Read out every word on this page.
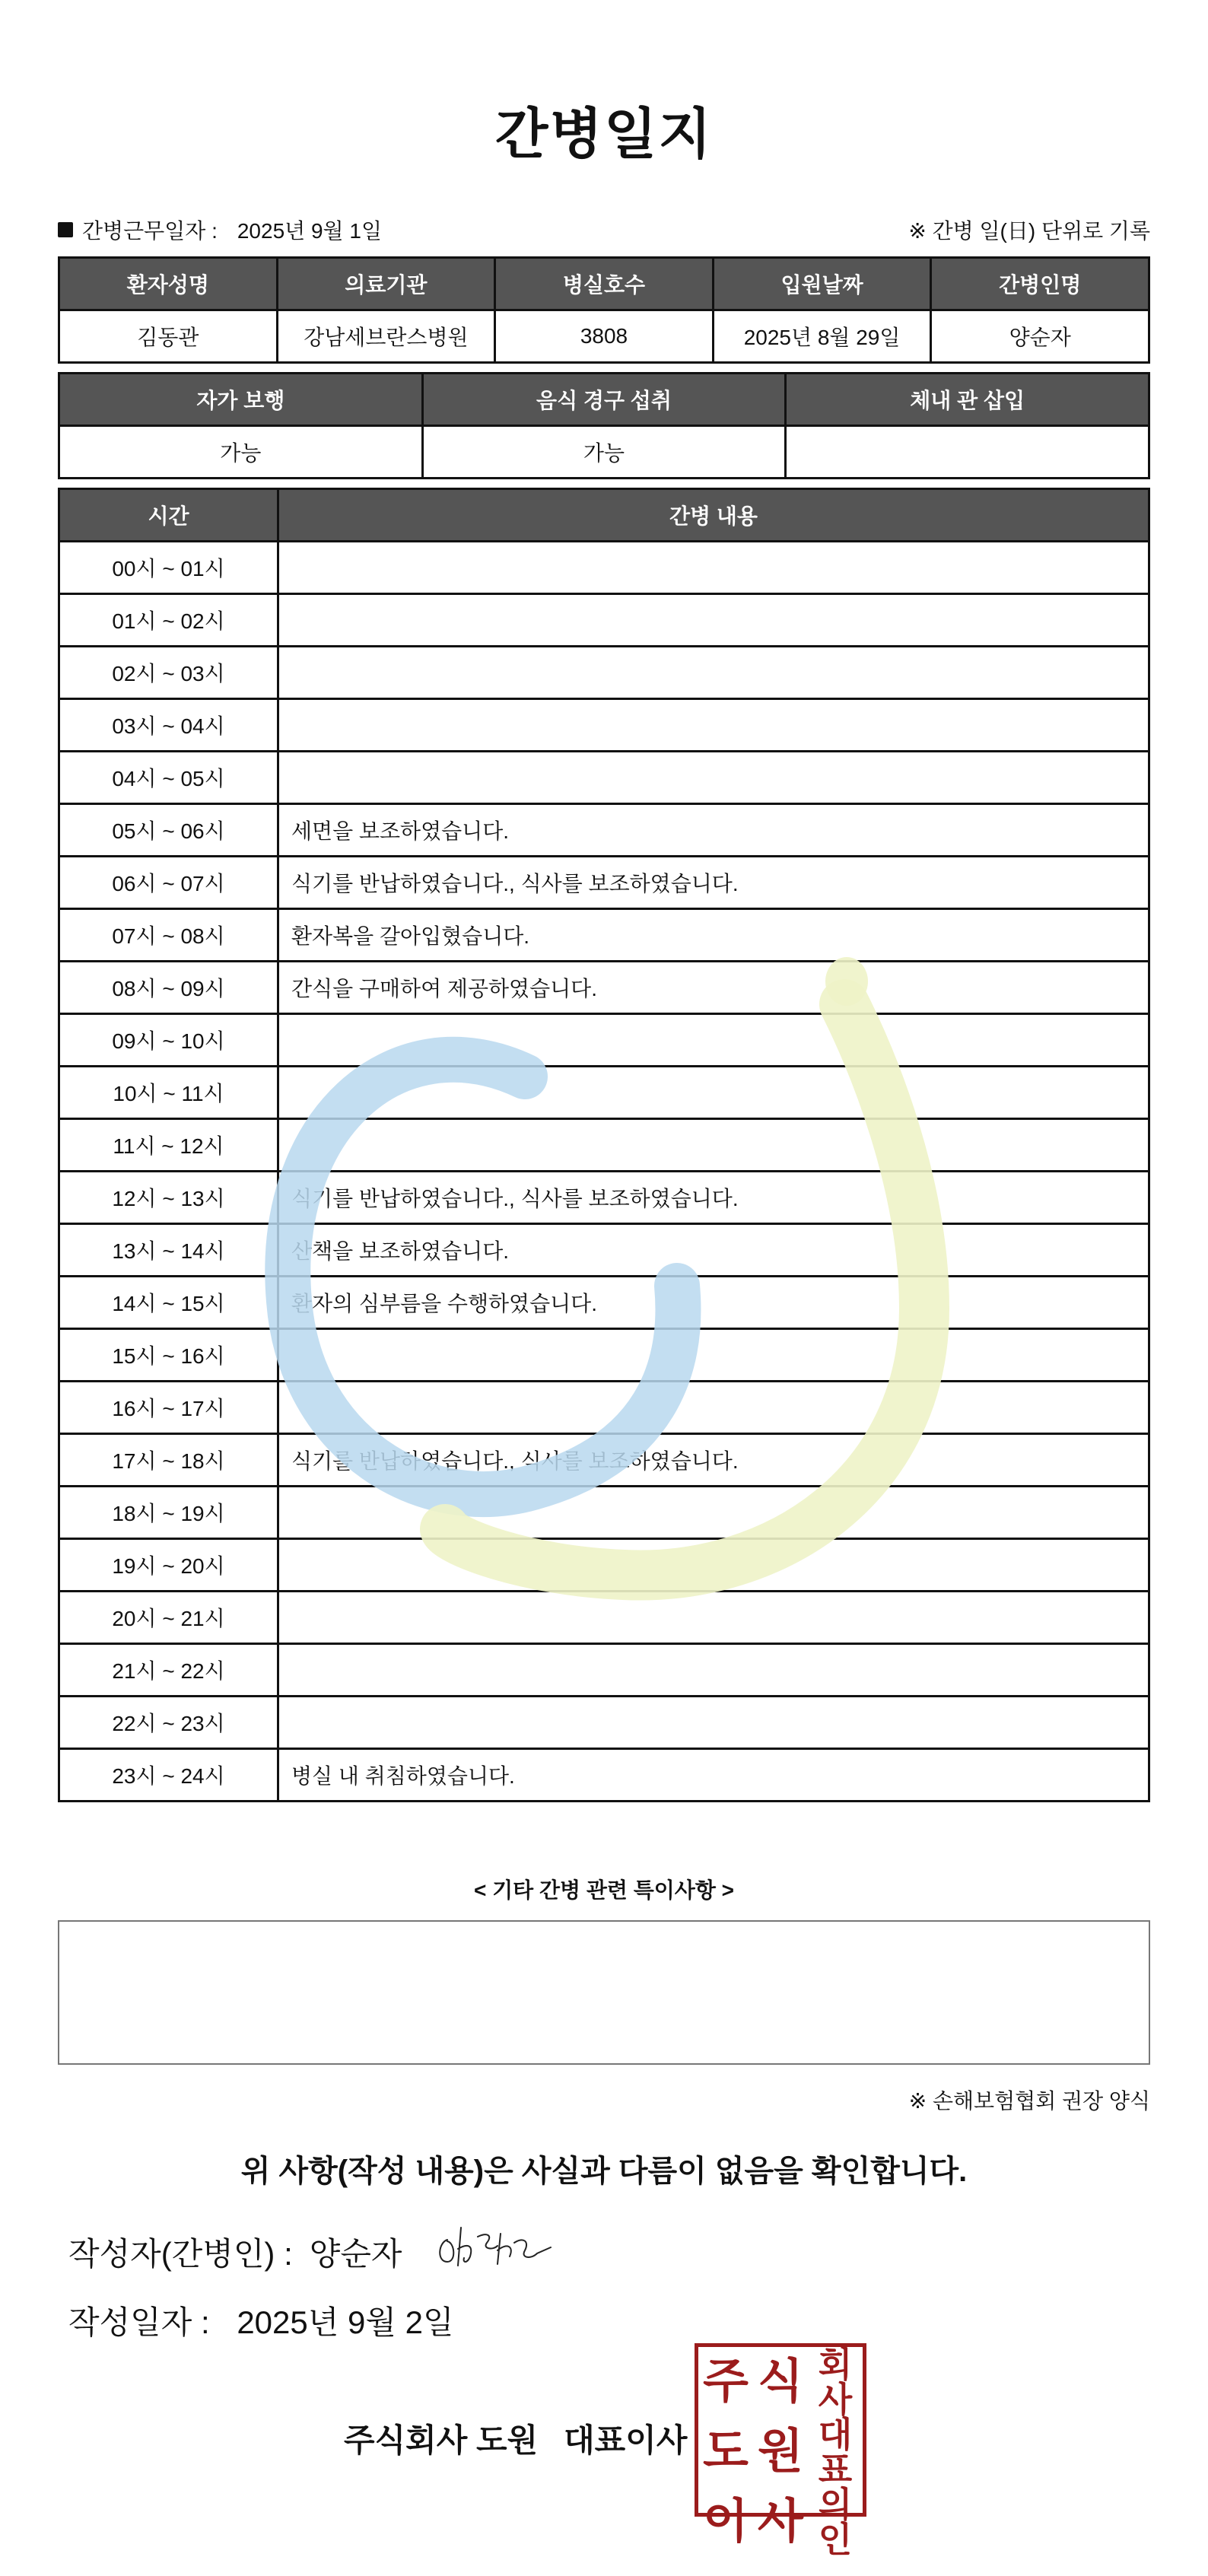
간병일지
간병근무일자 : 2025년 9월 1일	※ 간병 일(日) 단위로 기록
환자성명	의료기관	병실호수	입원날짜	간병인명
김동관	강남세브란스병원	3808	2025년 8월 29일	양순자
자가 보행	음식 경구 섭취	체내 관 삽입
가능	가능	
시간	간병 내용
00시 ~ 01시	
01시 ~ 02시	
02시 ~ 03시	
03시 ~ 04시	
04시 ~ 05시	
05시 ~ 06시	세면을 보조하였습니다.
06시 ~ 07시	식기를 반납하였습니다., 식사를 보조하였습니다.
07시 ~ 08시	환자복을 갈아입혔습니다.
08시 ~ 09시	간식을 구매하여 제공하였습니다.
09시 ~ 10시	
10시 ~ 11시	
11시 ~ 12시	
12시 ~ 13시	식기를 반납하였습니다., 식사를 보조하였습니다.
13시 ~ 14시	산책을 보조하였습니다.
14시 ~ 15시	환자의 심부름을 수행하였습니다.
15시 ~ 16시	
16시 ~ 17시	
17시 ~ 18시	식기를 반납하였습니다., 식사를 보조하였습니다.
18시 ~ 19시	
19시 ~ 20시	
20시 ~ 21시	
21시 ~ 22시	
22시 ~ 23시	
23시 ~ 24시	병실 내 취침하였습니다.
< 기타 간병 관련 특이사항 >
※ 손해보험협회 권장 양식
위 사항(작성 내용)은 사실과 다름이 없음을 확인합니다.
작성자(간병인) : 양순자
작성일자 : 2025년 9월 2일
주식회사 도원 대표이사
주 식 회사
도 원 대표
이 사 의인
